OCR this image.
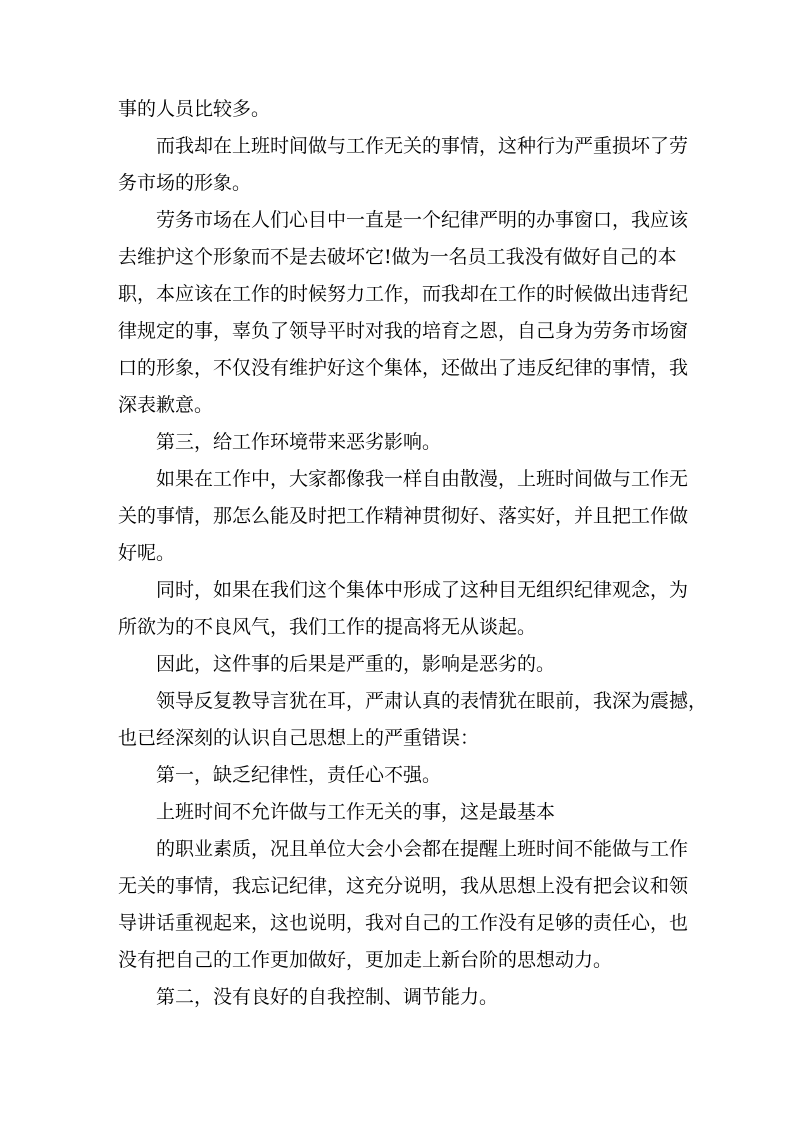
事的人员比较多。
而我却在上班时间做与工作无关的事情，这种行为严重损坏了劳
务市场的形象。
劳务市场在人们心目中一直是一个纪律严明的办事窗口，我应该
去维护这个形象而不是去破坏它!做为一名员工我没有做好自己的本
职，本应该在工作的时候努力工作，而我却在工作的时候做出违背纪
律规定的事，辜负了领导平时对我的培育之恩，自己身为劳务市场窗
口的形象，不仅没有维护好这个集体，还做出了违反纪律的事情，我
深表歉意。
第三，给工作环境带来恶劣影响。
如果在工作中，大家都像我一样自由散漫，上班时间做与工作无
关的事情，那怎么能及时把工作精神贯彻好、落实好，并且把工作做
好呢。
同时，如果在我们这个集体中形成了这种目无组织纪律观念，为
所欲为的不良风气，我们工作的提高将无从谈起。
因此，这件事的后果是严重的，影响是恶劣的。
领导反复教导言犹在耳，严肃认真的表情犹在眼前，我深为震撼，
也已经深刻的认识自己思想上的严重错误：
第一，缺乏纪律性，责任心不强。
上班时间不允许做与工作无关的事，这是最基本
的职业素质，况且单位大会小会都在提醒上班时间不能做与工作
无关的事情，我忘记纪律，这充分说明，我从思想上没有把会议和领
导讲话重视起来，这也说明，我对自己的工作没有足够的责任心，也
没有把自己的工作更加做好，更加走上新台阶的思想动力。
第二，没有良好的自我控制、调节能力。
